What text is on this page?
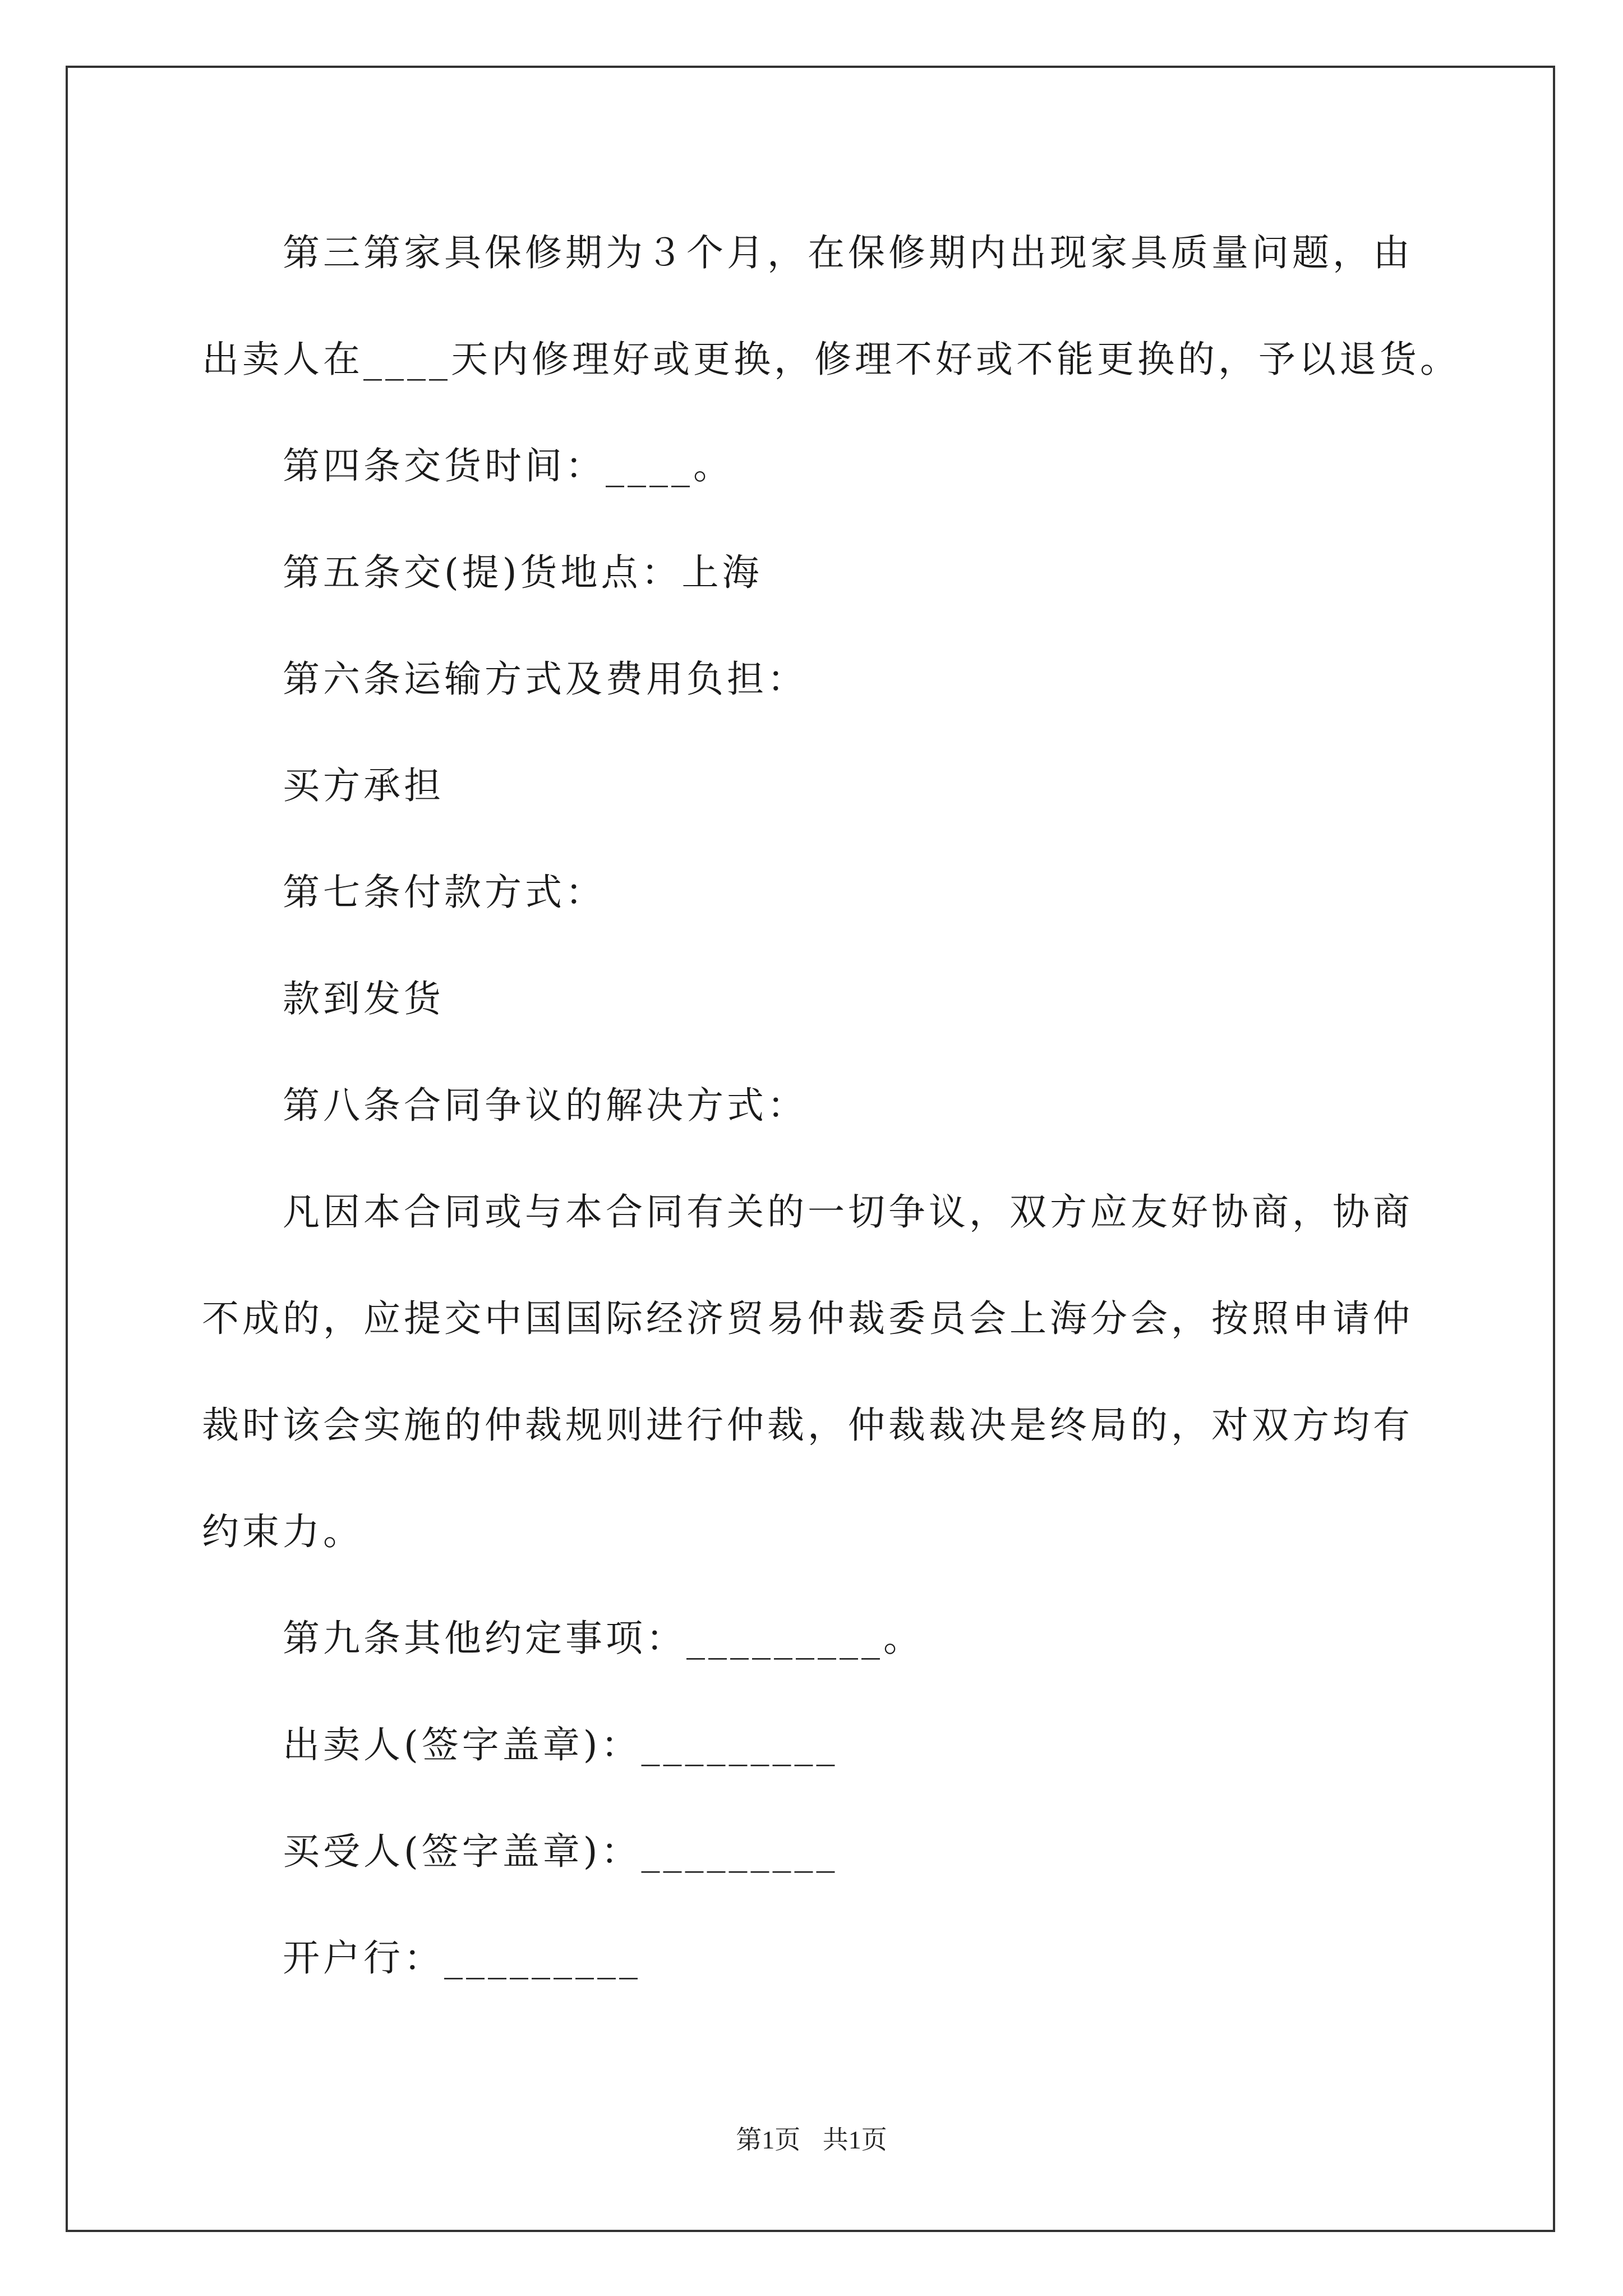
第三第家具保修期为３个月，在保修期内出现家具质量问题，由
出卖人在____天内修理好或更换，修理不好或不能更换的，予以退货。
第四条交货时间：____。
第五条交(提)货地点：上海
第六条运输方式及费用负担：
买方承担
第七条付款方式：
款到发货
第八条合同争议的解决方式：
凡因本合同或与本合同有关的一切争议，双方应友好协商，协商
不成的，应提交中国国际经济贸易仲裁委员会上海分会，按照申请仲
裁时该会实施的仲裁规则进行仲裁，仲裁裁决是终局的，对双方均有
约束力。
第九条其他约定事项：_________。
出卖人(签字盖章)：_________
买受人(签字盖章)：_________
开户行：_________
第1页 共1页
